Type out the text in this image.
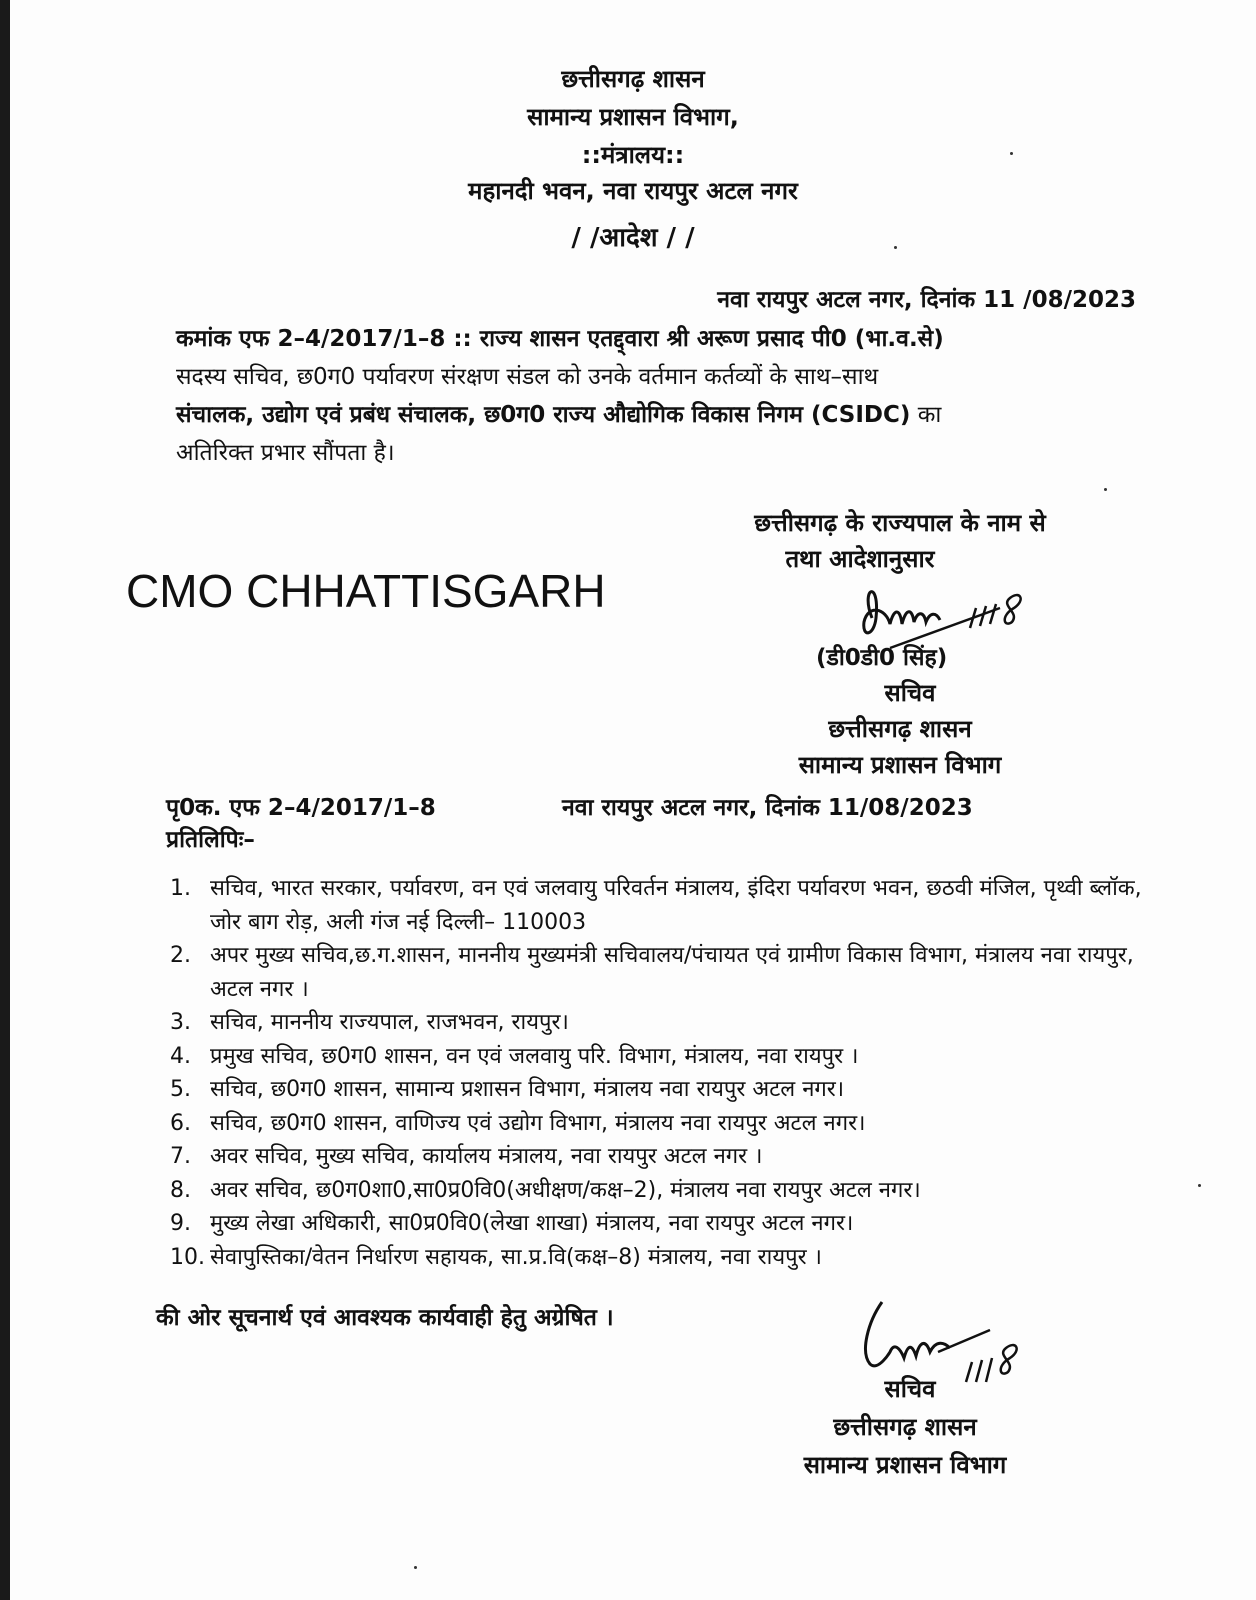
छत्तीसगढ़ शासन
सामान्य प्रशासन विभाग,
::मंत्रालय::
महानदी भवन, नवा रायपुर अटल नगर
/ /आदेश / /
नवा रायपुर अटल नगर, दिनांक 11 /08/2023
कमांक एफ 2–4/2017/1–8 :: राज्य शासन एतद्द्वारा श्री अरूण प्रसाद पी0 (भा.व.से)
सदस्य सचिव, छ0ग0 पर्यावरण संरक्षण संडल को उनके वर्तमान कर्तव्यों के साथ–साथ
संचालक, उद्योग एवं प्रबंध संचालक, छ0ग0 राज्य औद्योगिक विकास निगम (CSIDC) का
अतिरिक्त प्रभार सौंपता है।
CMO CHHATTISGARH
छत्तीसगढ़ के राज्यपाल के नाम से
तथा आदेशानुसार
(डी0डी0 सिंह)
सचिव
छत्तीसगढ़ शासन
सामान्य प्रशासन विभाग
पृ0क. एफ 2–4/2017/1–8	नवा रायपुर अटल नगर, दिनांक 11/08/2023
प्रतिलिपिः–
1. सचिव, भारत सरकार, पर्यावरण, वन एवं जलवायु परिवर्तन मंत्रालय, इंदिरा पर्यावरण भवन, छठवी मंजिल, पृथ्वी ब्लॉक, जोर बाग रोड़, अली गंज नई दिल्ली– 110003
2. अपर मुख्य सचिव,छ.ग.शासन, माननीय मुख्यमंत्री सचिवालय/पंचायत एवं ग्रामीण विकास विभाग, मंत्रालय नवा रायपुर, अटल नगर ।
3. सचिव, माननीय राज्यपाल, राजभवन, रायपुर।
4. प्रमुख सचिव, छ0ग0 शासन, वन एवं जलवायु परि. विभाग, मंत्रालय, नवा रायपुर ।
5. सचिव, छ0ग0 शासन, सामान्य प्रशासन विभाग, मंत्रालय नवा रायपुर अटल नगर।
6. सचिव, छ0ग0 शासन, वाणिज्य एवं उद्योग विभाग, मंत्रालय नवा रायपुर अटल नगर।
7. अवर सचिव, मुख्य सचिव, कार्यालय मंत्रालय, नवा रायपुर अटल नगर ।
8. अवर सचिव, छ0ग0शा0,सा0प्र0वि0(अधीक्षण/कक्ष–2), मंत्रालय नवा रायपुर अटल नगर।
9. मुख्य लेखा अधिकारी, सा0प्र0वि0(लेखा शाखा) मंत्रालय, नवा रायपुर अटल नगर।
10. सेवापुस्तिका/वेतन निर्धारण सहायक, सा.प्र.वि(कक्ष–8) मंत्रालय, नवा रायपुर ।
की ओर सूचनार्थ एवं आवश्यक कार्यवाही हेतु अग्रेषित ।
सचिव
छत्तीसगढ़ शासन
सामान्य प्रशासन विभाग
